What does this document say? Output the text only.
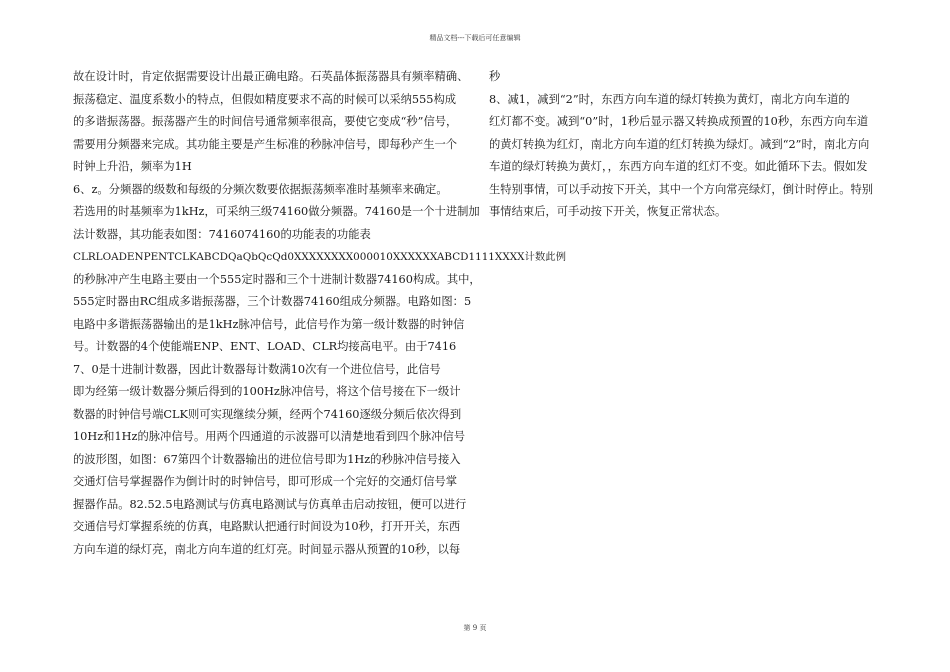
精品文档---下载后可任意编辑
故在设计时，肯定依据需要设计出最正确电路。石英晶体振荡器具有频率精确、
振荡稳定、温度系数小的特点，但假如精度要求不高的时候可以采纳555构成
的多谐振荡器。振荡器产生的时间信号通常频率很高，要使它变成“秒”信号，
需要用分频器来完成。其功能主要是产生标准的秒脉冲信号，即每秒产生一个
时钟上升沿，频率为1H
6、z。分频器的级数和每级的分频次数要依据振荡频率准时基频率来确定。
若选用的时基频率为1kHz，可采纳三级74160做分频器。74160是一个十进制加
法计数器，其功能表如图：7416074160的功能表的功能表
CLRLOADENPENTCLKABCDQaQbQcQd0XXXXXXXX000010XXXXXXABCD1111XXXX计数此例
的秒脉冲产生电路主要由一个555定时器和三个十进制计数器74160构成。其中，
555定时器由RC组成多谐振荡器，三个计数器74160组成分频器。电路如图：5
电路中多谐振荡器输出的是1kHz脉冲信号，此信号作为第一级计数器的时钟信
号。计数器的4个使能端ENP、ENT、LOAD、CLR均接高电平。由于7416
7、0是十进制计数器，因此计数器每计数满10次有一个进位信号，此信号
即为经第一级计数器分频后得到的100Hz脉冲信号，将这个信号接在下一级计
数器的时钟信号端CLK则可实现继续分频，经两个74160逐级分频后依次得到
10Hz和1Hz的脉冲信号。用两个四通道的示波器可以清楚地看到四个脉冲信号
的波形图，如图：67第四个计数器输出的进位信号即为1Hz的秒脉冲信号接入
交通灯信号掌握器作为倒计时的时钟信号，即可形成一个完好的交通灯信号掌
握器作品。82.52.5电路测试与仿真电路测试与仿真单击启动按钮，便可以进行
交通信号灯掌握系统的仿真，电路默认把通行时间设为10秒，打开开关，东西
方向车道的绿灯亮，南北方向车道的红灯亮。时间显示器从预置的10秒，以每
秒
8、减1，减到“2”时，东西方向车道的绿灯转换为黄灯，南北方向车道的
红灯都不变。减到“0”时，1秒后显示器又转换成预置的10秒，东西方向车道
的黄灯转换为红灯，南北方向车道的红灯转换为绿灯。减到“2”时，南北方向
车道的绿灯转换为黄灯，，东西方向车道的红灯不变。如此循环下去。假如发
生特别事情，可以手动按下开关，其中一个方向常亮绿灯，倒计时停止。特别
事情结束后，可手动按下开关，恢复正常状态。
第 9 页
